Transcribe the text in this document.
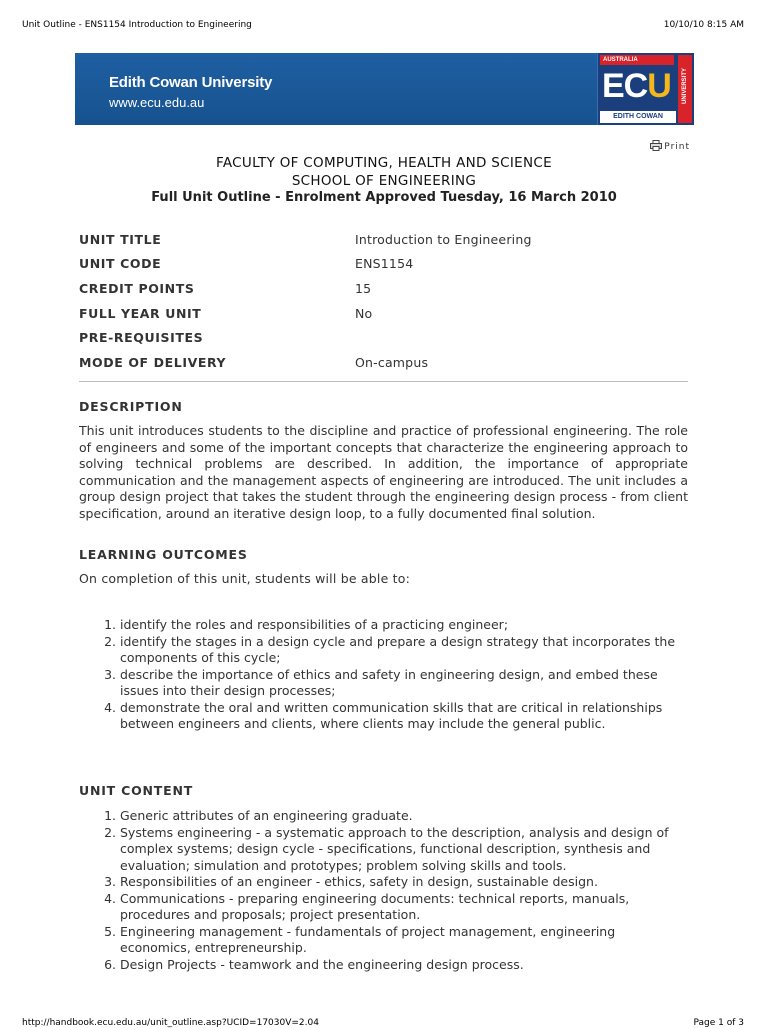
Unit Outline - ENS1154 Introduction to Engineering	10/10/10 8:15 AM
Edith Cowan University
www.ecu.edu.au
AUSTRALIA
UNIVERSITY
ECU
EDITH COWAN
Print
FACULTY OF COMPUTING, HEALTH AND SCIENCE
SCHOOL OF ENGINEERING
Full Unit Outline - Enrolment Approved Tuesday, 16 March 2010
UNIT TITLE	Introduction to Engineering
UNIT CODE	ENS1154
CREDIT POINTS	15
FULL YEAR UNIT	No
PRE-REQUISITES	
MODE OF DELIVERY	On-campus
DESCRIPTION

This unit introduces students to the discipline and practice of professional engineering. The role of engineers and some of the important concepts that characterize the engineering approach to solving technical problems are described. In addition, the importance of appropriate communication and the management aspects of engineering are introduced. The unit includes a group design project that takes the student through the engineering design process - from client specification, around an iterative design loop, to a fully documented final solution.

LEARNING OUTCOMES

On completion of this unit, students will be able to:

1. identify the roles and responsibilities of a practicing engineer;
2. identify the stages in a design cycle and prepare a design strategy that incorporates the components of this cycle;
3. describe the importance of ethics and safety in engineering design, and embed these issues into their design processes;
4. demonstrate the oral and written communication skills that are critical in relationships between engineers and clients, where clients may include the general public.
UNIT CONTENT
1. Generic attributes of an engineering graduate.
2. Systems engineering - a systematic approach to the description, analysis and design of complex systems; design cycle - specifications, functional description, synthesis and evaluation; simulation and prototypes; problem solving skills and tools.
3. Responsibilities of an engineer - ethics, safety in design, sustainable design.
4. Communications - preparing engineering documents: technical reports, manuals, procedures and proposals; project presentation.
5. Engineering management - fundamentals of project management, engineering economics, entrepreneurship.
6. Design Projects - teamwork and the engineering design process.
http://handbook.ecu.edu.au/unit_outline.asp?UCID=17030V=2.04	Page 1 of 3
